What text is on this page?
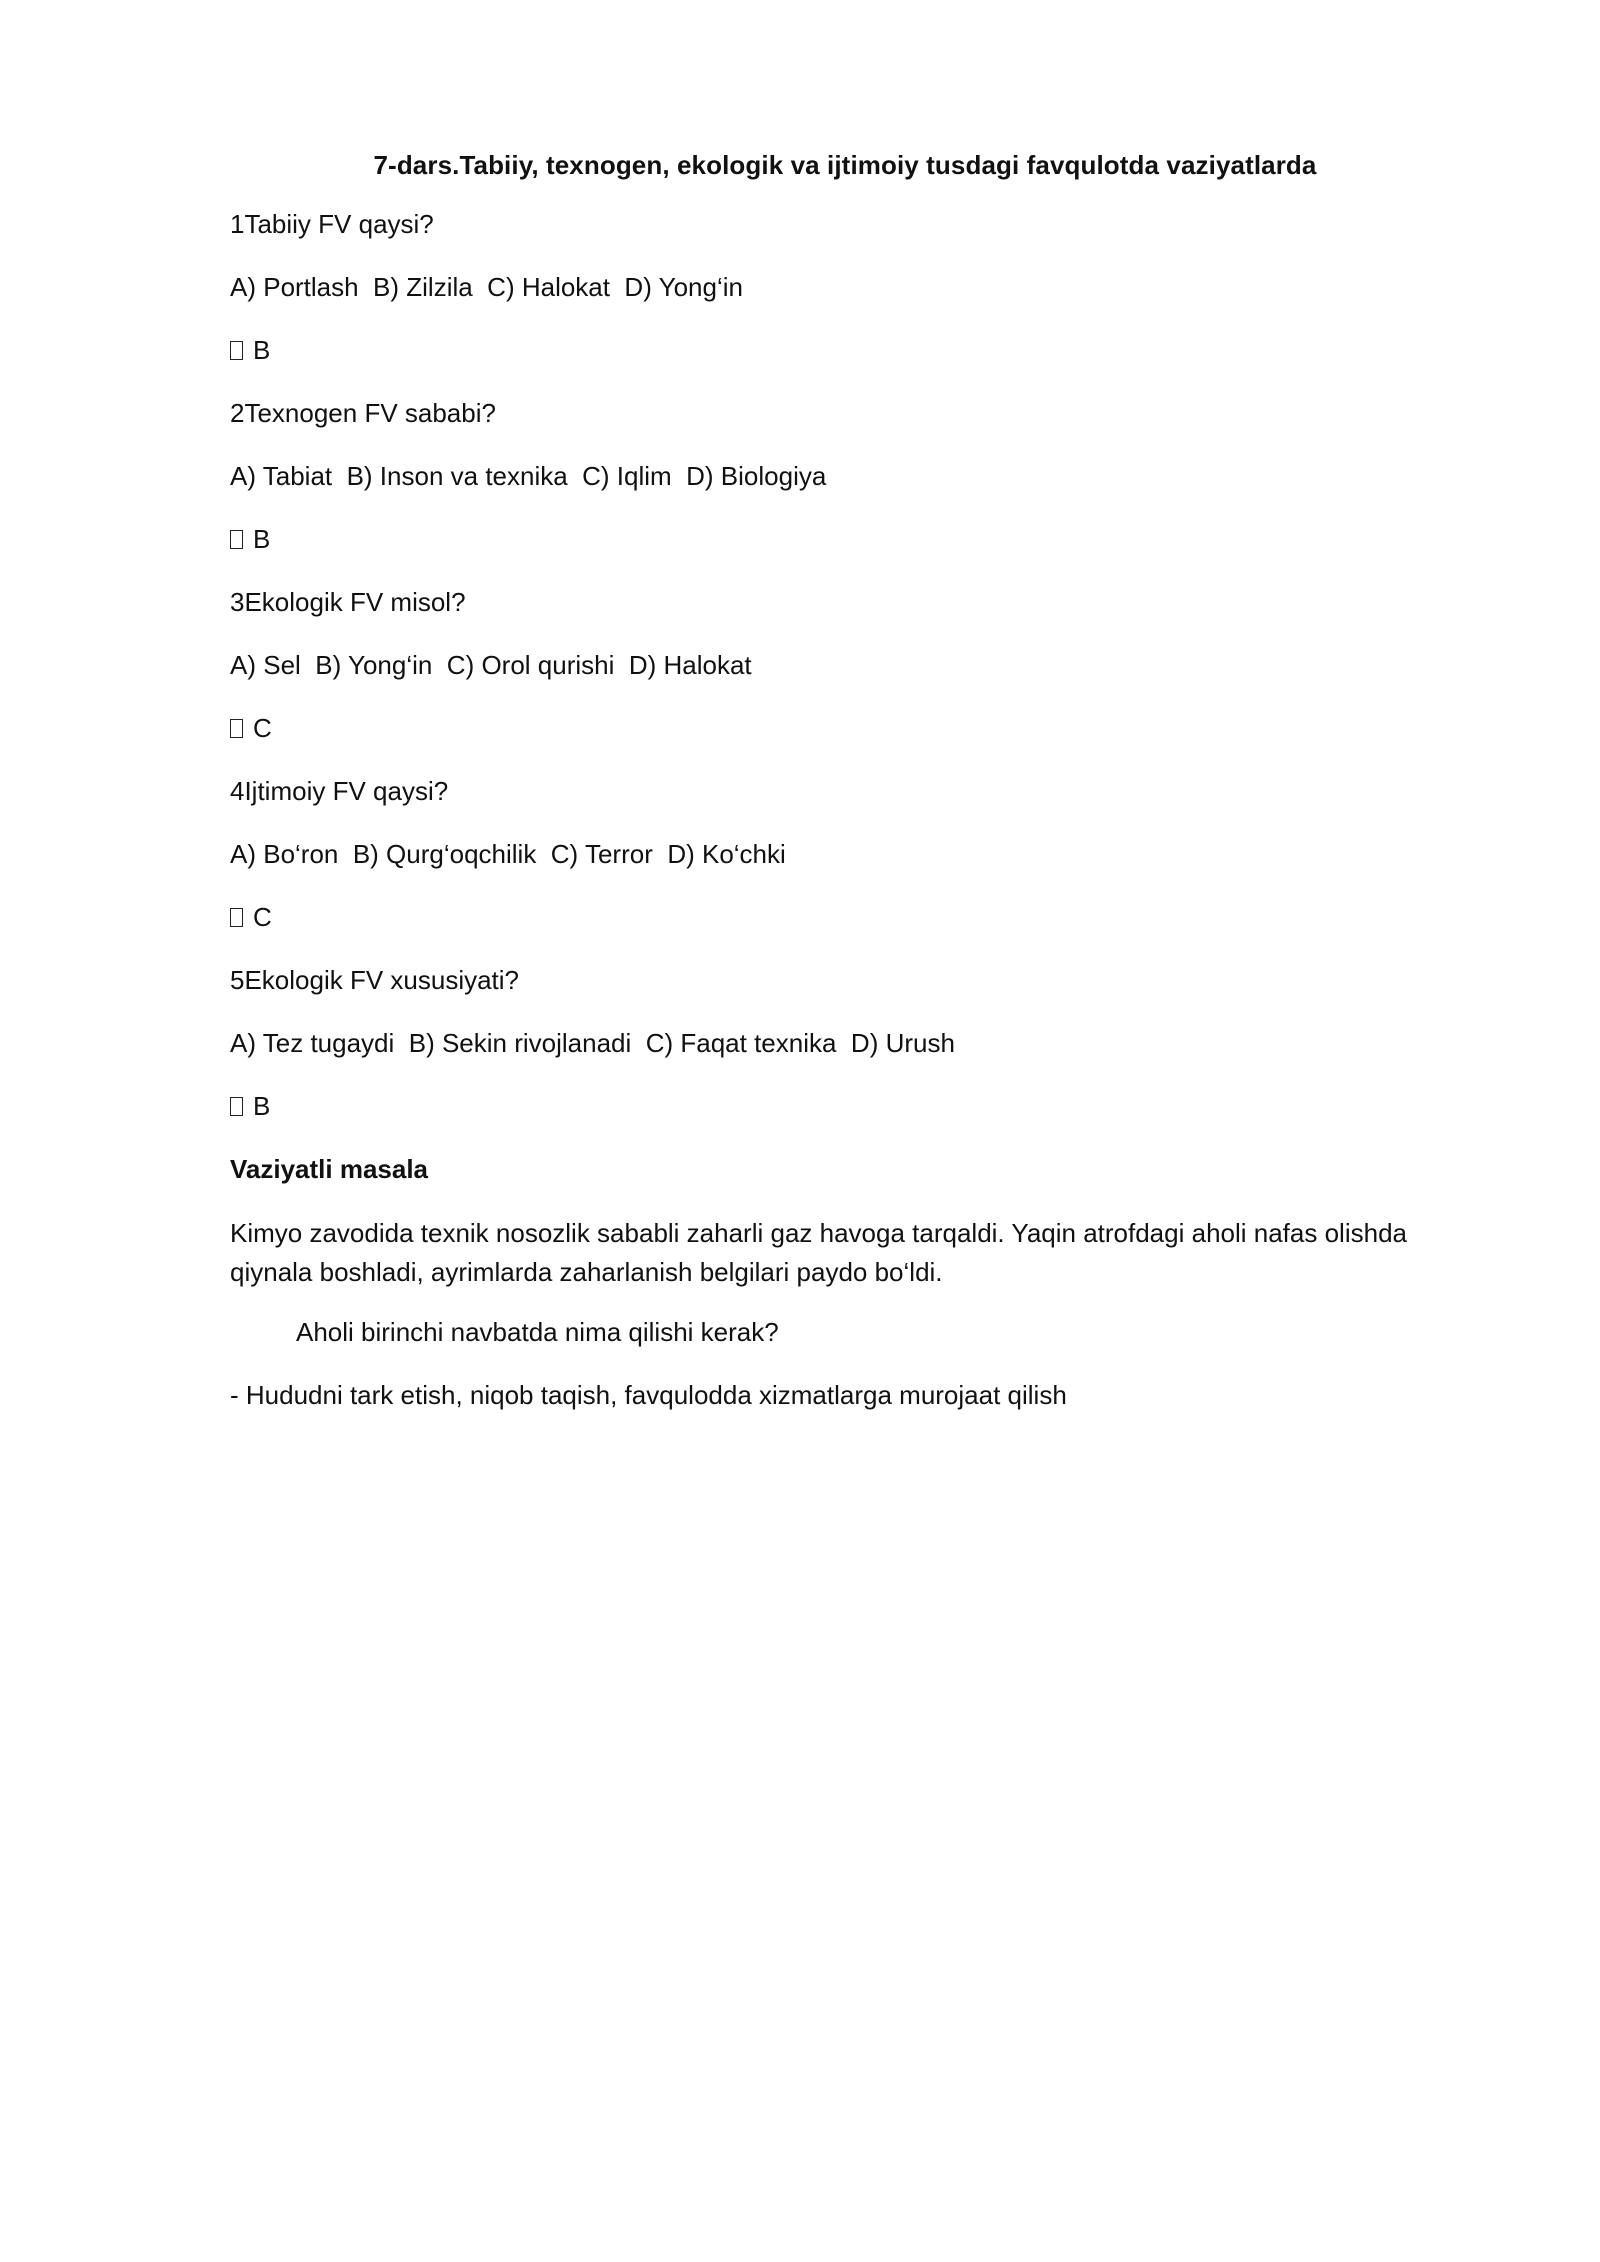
7-dars.Tabiiy, texnogen, ekologik va ijtimoiy tusdagi favqulotda vaziyatlarda
1Tabiiy FV qaysi?
A) Portlash  B) Zilzila  C) Halokat  D) Yong‘in
B
2Texnogen FV sababi?
A) Tabiat  B) Inson va texnika  C) Iqlim  D) Biologiya
B
3Ekologik FV misol?
A) Sel  B) Yong‘in  C) Orol qurishi  D) Halokat
C
4Ijtimoiy FV qaysi?
A) Bo‘ron  B) Qurg‘oqchilik  C) Terror  D) Ko‘chki
C
5Ekologik FV xususiyati?
A) Tez tugaydi  B) Sekin rivojlanadi  C) Faqat texnika  D) Urush
B
Vaziyatli masala
Kimyo zavodida texnik nosozlik sababli zaharli gaz havoga tarqaldi. Yaqin atrofdagi aholi nafas olishda qiynala boshladi, ayrimlarda zaharlanish belgilari paydo bo‘ldi.
Aholi birinchi navbatda nima qilishi kerak?
- Hududni tark etish, niqob taqish, favqulodda xizmatlarga murojaat qilish
